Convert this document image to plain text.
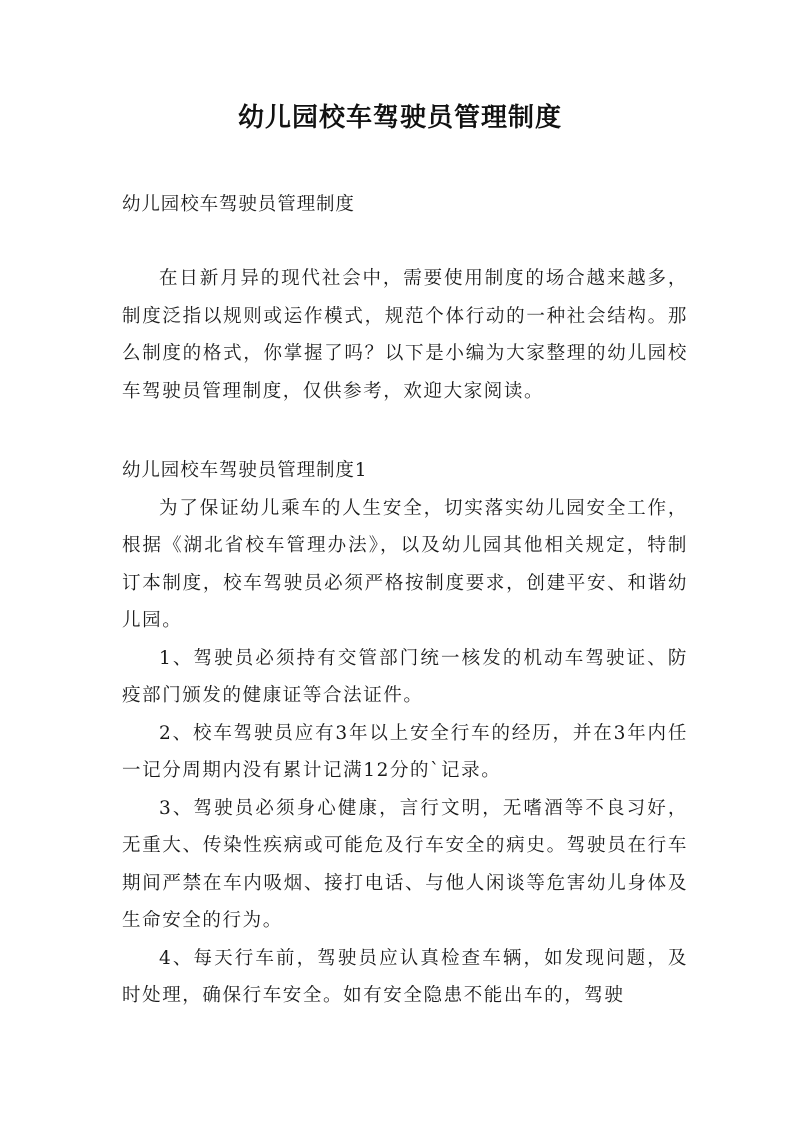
幼儿园校车驾驶员管理制度
幼儿园校车驾驶员管理制度

在日新月异的现代社会中，需要使用制度的场合越来越多，制度泛指以规则或运作模式，规范个体行动的一种社会结构。那么制度的格式，你掌握了吗？以下是小编为大家整理的幼儿园校车驾驶员管理制度，仅供参考，欢迎大家阅读。

幼儿园校车驾驶员管理制度1

为了保证幼儿乘车的人生安全，切实落实幼儿园安全工作，根据《湖北省校车管理办法》，以及幼儿园其他相关规定，特制订本制度，校车驾驶员必须严格按制度要求，创建平安、和谐幼儿园。

1、驾驶员必须持有交管部门统一核发的机动车驾驶证、防疫部门颁发的健康证等合法证件。

2、校车驾驶员应有3年以上安全行车的经历，并在3年内任一记分周期内没有累计记满12分的`记录。

3、驾驶员必须身心健康，言行文明，无嗜酒等不良习好，无重大、传染性疾病或可能危及行车安全的病史。驾驶员在行车期间严禁在车内吸烟、接打电话、与他人闲谈等危害幼儿身体及生命安全的行为。

4、每天行车前，驾驶员应认真检查车辆，如发现问题，及时处理，确保行车安全。如有安全隐患不能出车的，驾驶
